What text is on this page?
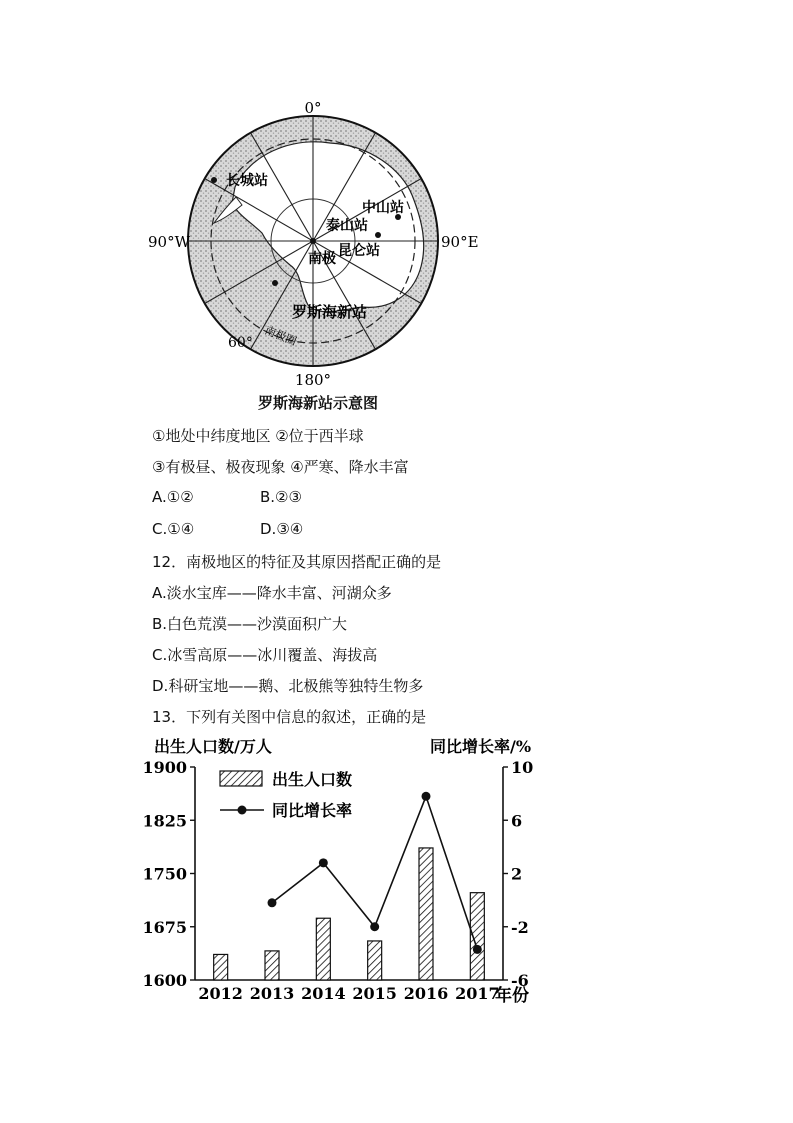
0°
90°W	90°E
180°
60° 南极圈
长城站
中山站
泰山站
南极 昆仑站
罗斯海新站
罗斯海新站示意图
①地处中纬度地区 ②位于西半球
③有极昼、极夜现象 ④严寒、降水丰富
A.①②	B.②③
C.①④	D.③④
12．南极地区的特征及其原因搭配正确的是
A.淡水宝库——降水丰富、河湖众多
B.白色荒漠——沙漠面积广大
C.冰雪高原——冰川覆盖、海拔高
D.科研宝地——鹅、北极熊等独特生物多
13．下列有关图中信息的叙述，正确的是
出生人口数/万人	同比增长率/%
1600
1675
1750
1825
1900
-6
-2
2
6
10
2012 2013 2014 2015 2016 2017
年份
出生人口数
同比增长率
